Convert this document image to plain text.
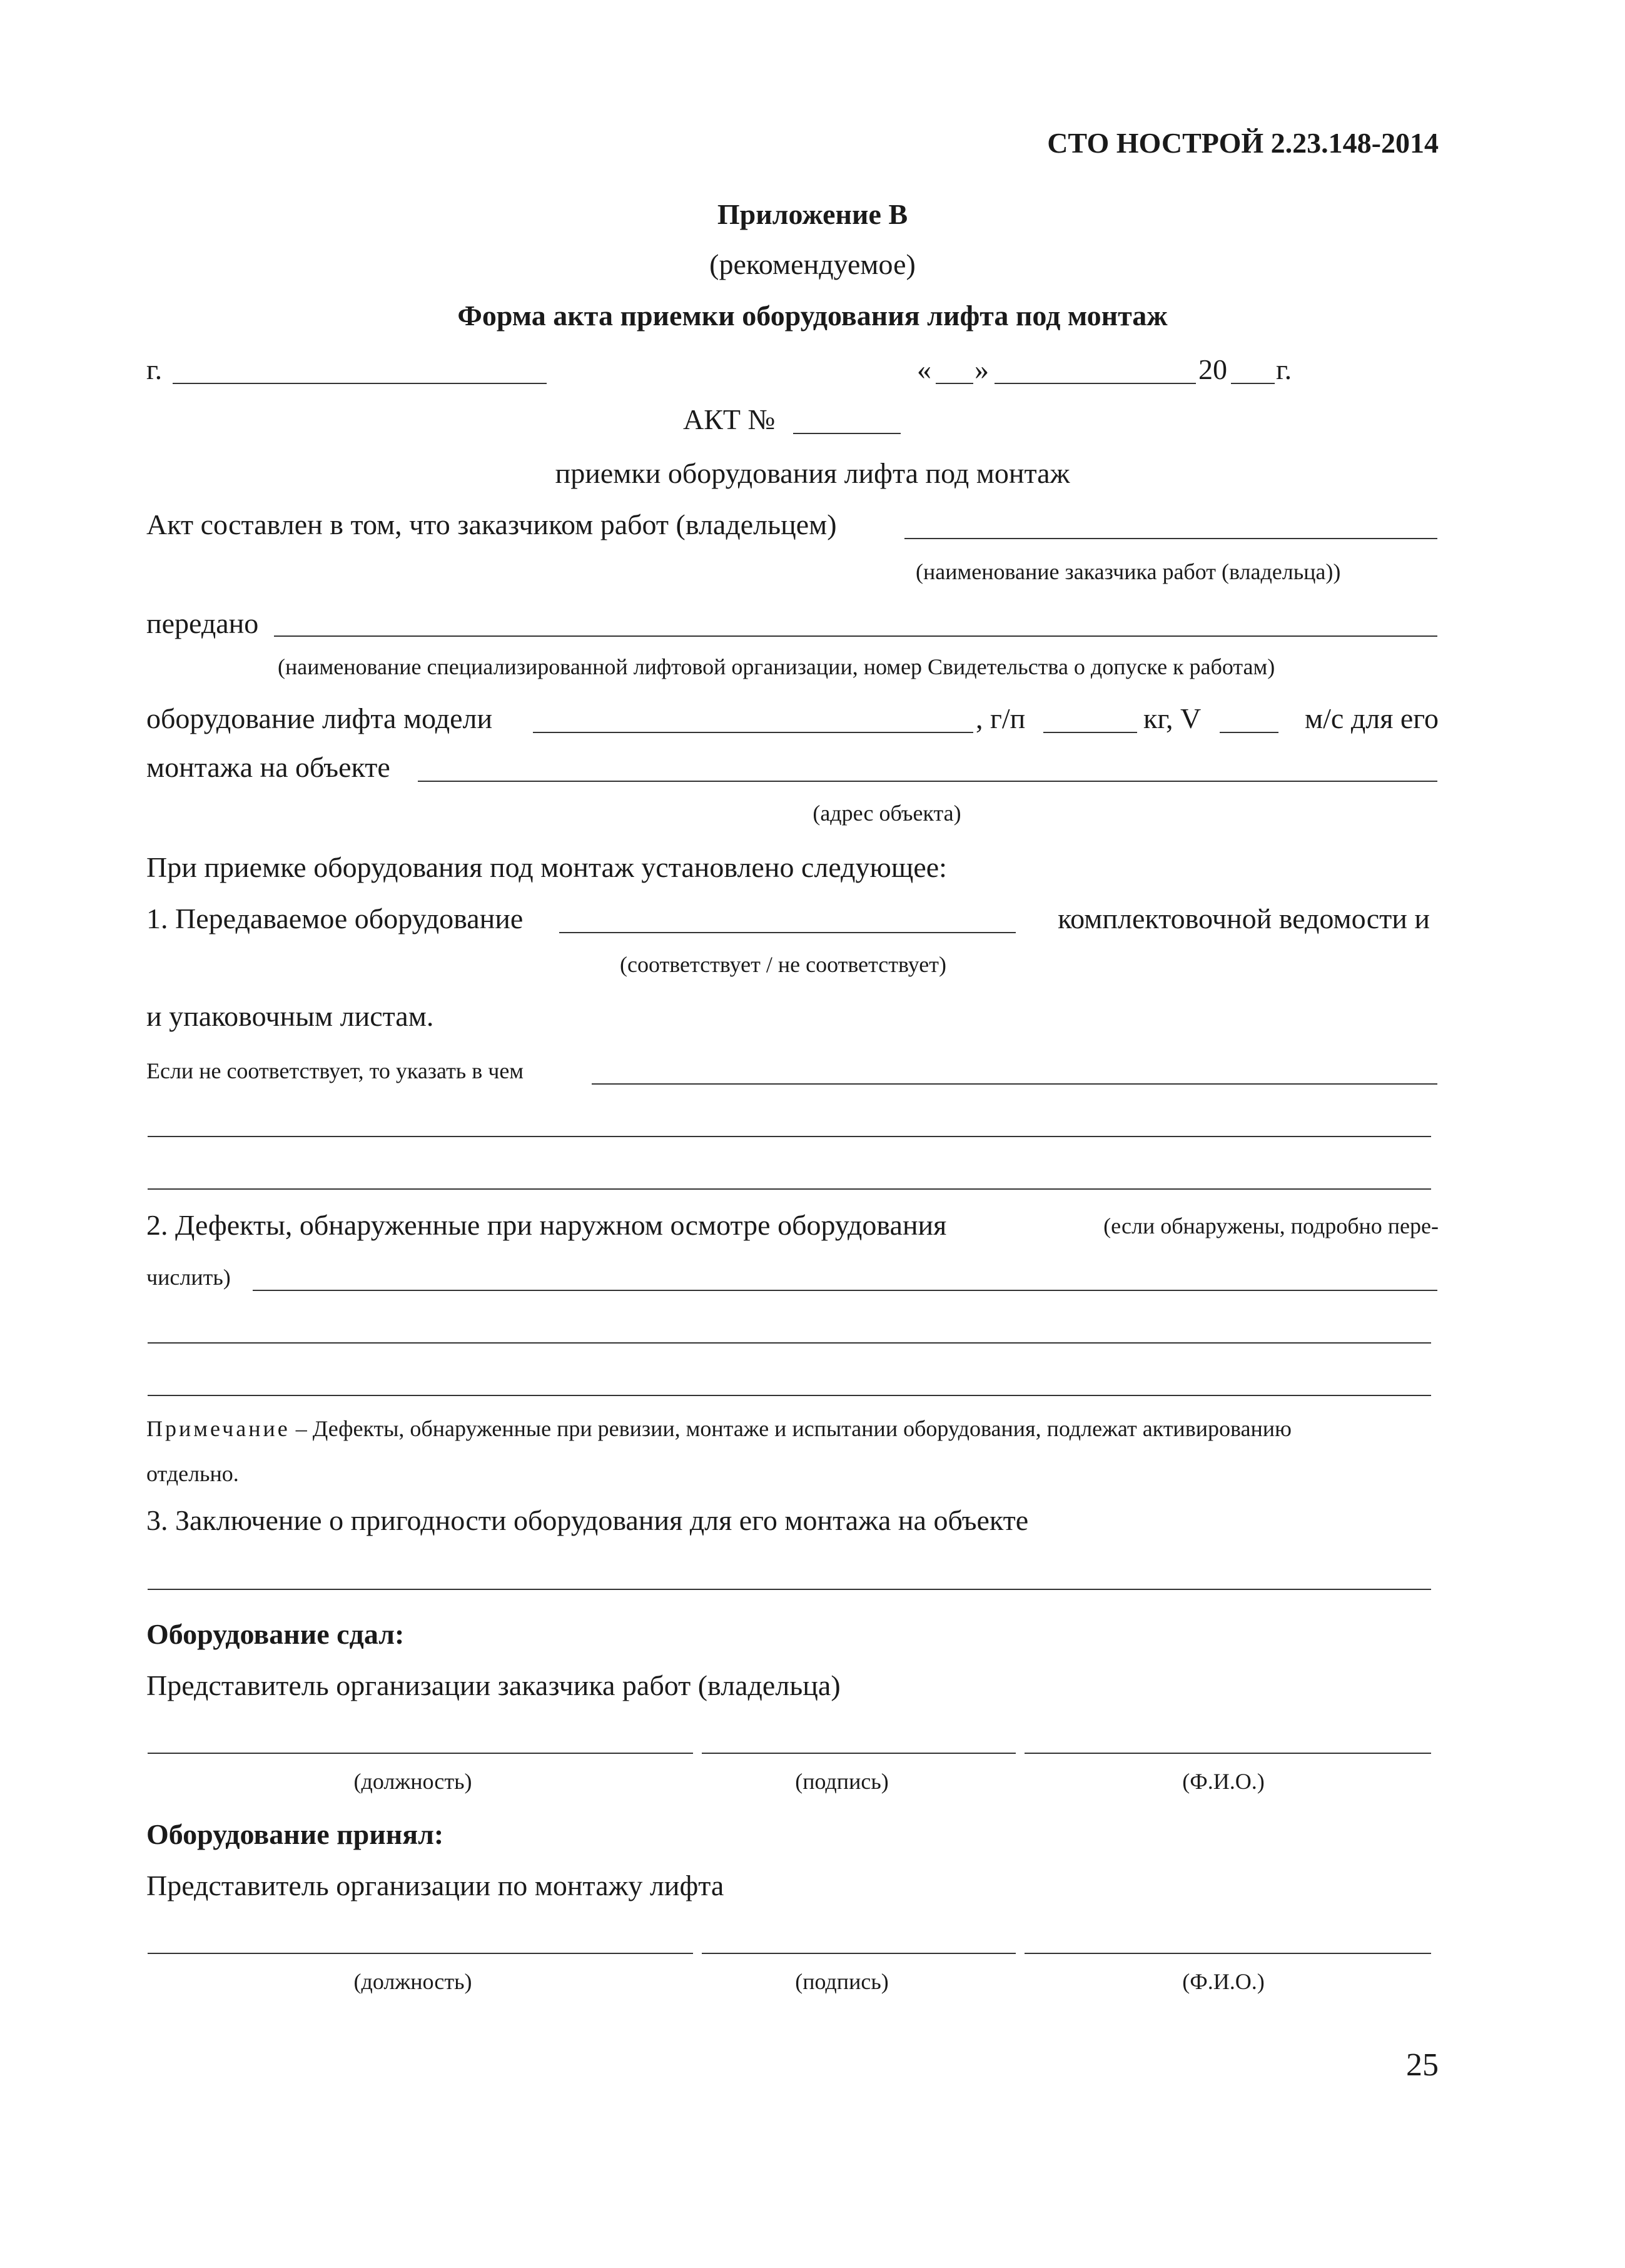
СТО НОСТРОЙ 2.23.148-2014
Приложение В
(рекомендуемое)
Форма акта приемки оборудования лифта под монтаж
г.	« »	20 г.
АКТ №
приемки оборудования лифта под монтаж
Акт составлен в том, что заказчиком работ (владельцем)
(наименование заказчика работ (владельца))
передано
(наименование специализированной лифтовой организации, номер Свидетельства о допуске к работам)
оборудование лифта модели	, г/п	кг, V	м/с для его
монтажа на объекте
(адрес объекта)
При приемке оборудования под монтаж установлено следующее:
1. Передаваемое оборудование	комплектовочной ведомости и
(соответствует / не соответствует)
и упаковочным листам.
Если не соответствует, то указать в чем
2. Дефекты, обнаруженные при наружном осмотре оборудования	(если обнаружены, подробно пере-
числить)
Примечание – Дефекты, обнаруженные при ревизии, монтаже и испытании оборудования, подлежат активированию
отдельно.
3. Заключение о пригодности оборудования для его монтажа на объекте
Оборудование сдал:
Представитель организации заказчика работ (владельца)
(должность)	(подпись)	(Ф.И.О.)
Оборудование принял:
Представитель организации по монтажу лифта
(должность)	(подпись)	(Ф.И.О.)
25
